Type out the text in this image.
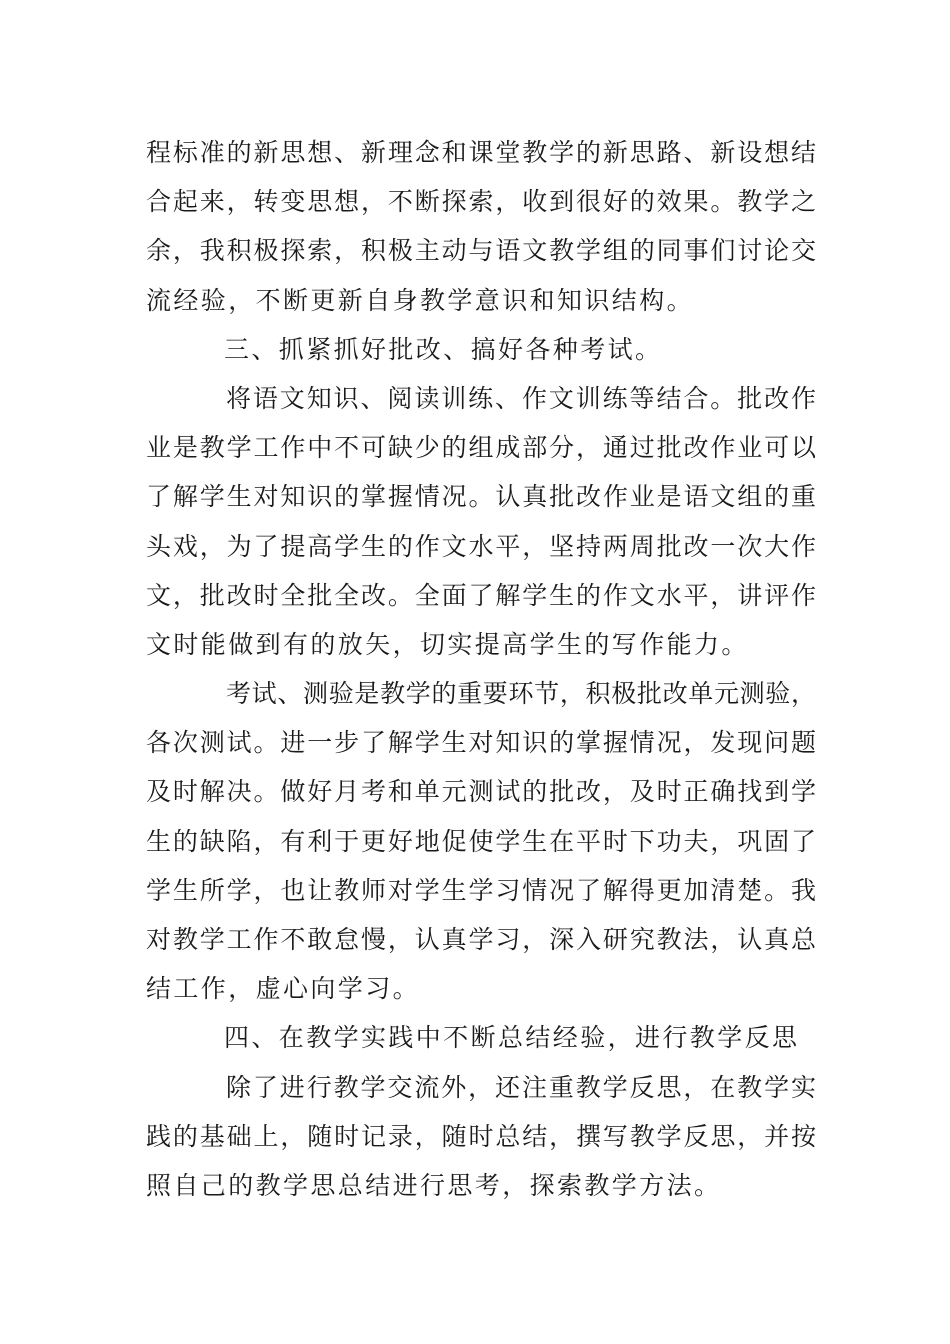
程标准的新思想、新理念和课堂教学的新思路、新设想结
合起来，转变思想，不断探索，收到很好的效果。教学之
余，我积极探索，积极主动与语文教学组的同事们讨论交
流经验，不断更新自身教学意识和知识结构。
三、抓紧抓好批改、搞好各种考试。
将语文知识、阅读训练、作文训练等结合。批改作
业是教学工作中不可缺少的组成部分，通过批改作业可以
了解学生对知识的掌握情况。认真批改作业是语文组的重
头戏，为了提高学生的作文水平，坚持两周批改一次大作
文，批改时全批全改。全面了解学生的作文水平，讲评作
文时能做到有的放矢，切实提高学生的写作能力。
考试、测验是教学的重要环节，积极批改单元测验，
各次测试。进一步了解学生对知识的掌握情况，发现问题
及时解决。做好月考和单元测试的批改，及时正确找到学
生的缺陷，有利于更好地促使学生在平时下功夫，巩固了
学生所学，也让教师对学生学习情况了解得更加清楚。我
对教学工作不敢怠慢，认真学习，深入研究教法，认真总
结工作，虚心向学习。
四、在教学实践中不断总结经验，进行教学反思
除了进行教学交流外，还注重教学反思，在教学实
践的基础上，随时记录，随时总结，撰写教学反思，并按
照自己的教学思总结进行思考，探索教学方法。
